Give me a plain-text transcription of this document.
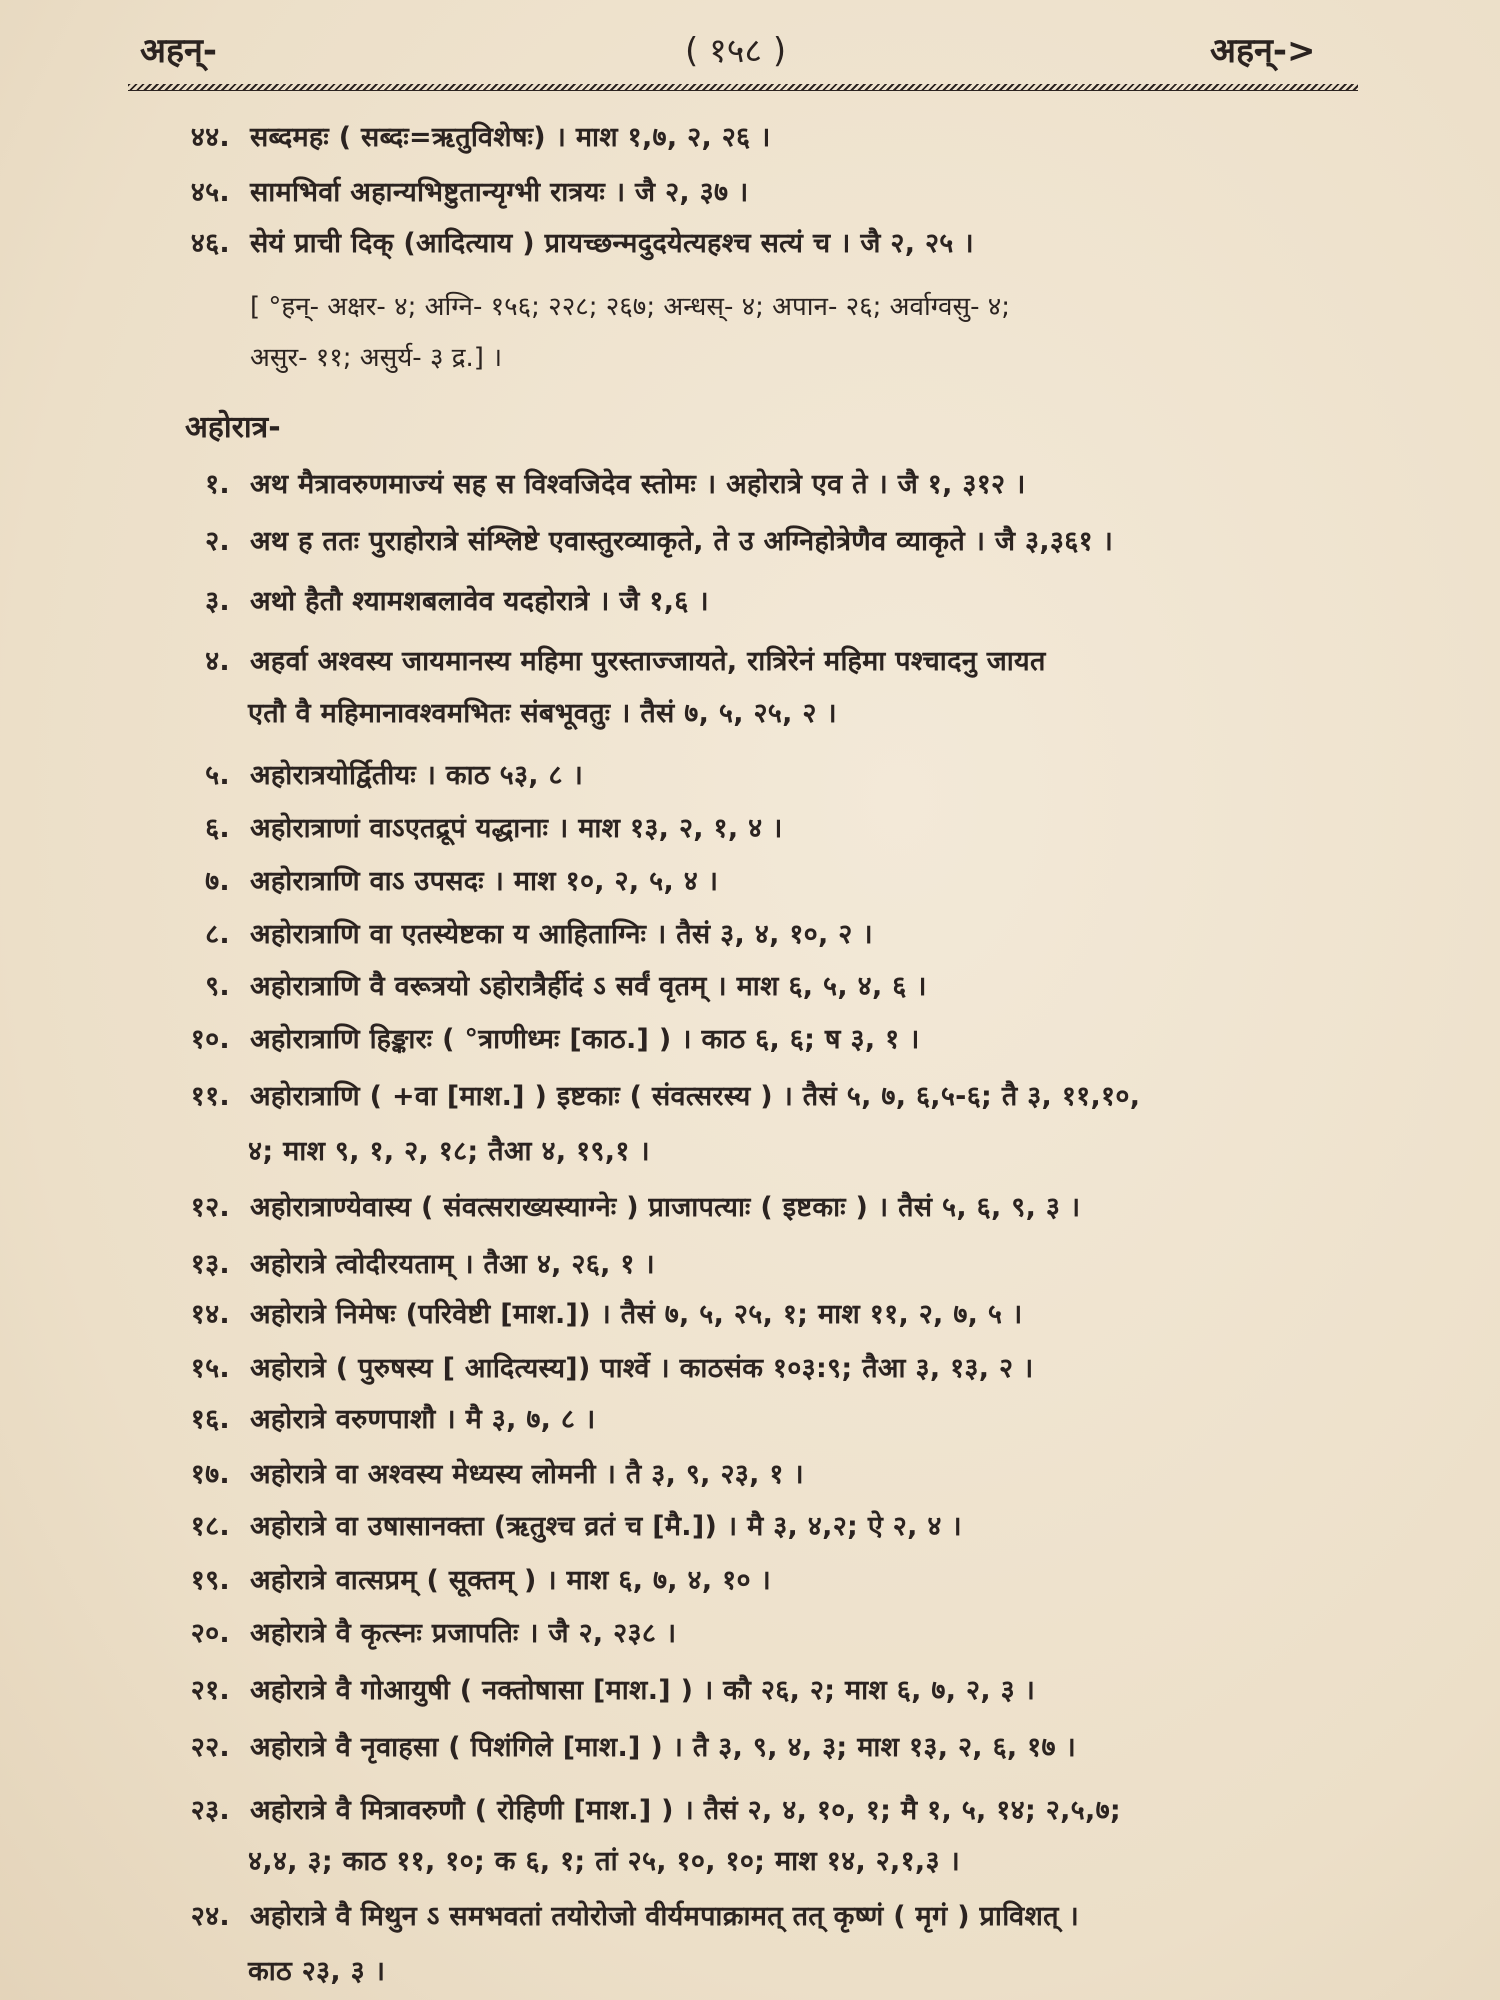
अहन्-	( १५८ )	अहन्->
४४. सब्दमहः ( सब्दः=ऋतुविशेषः) । माश १,७, २, २६ ।
४५. सामभिर्वा अहान्यभिष्टुतान्यृग्भी रात्रयः । जै २, ३७ ।
४६. सेयं प्राची दिक् (आदित्याय ) प्रायच्छन्मदुदयेत्यहश्च सत्यं च । जै २, २५ ।
[ °हन्- अक्षर- ४; अग्नि- १५६; २२८; २६७; अन्धस्- ४; अपान- २६; अर्वाग्वसु- ४;
असुर- ११; असुर्य- ३ द्र.] ।
अहोरात्र-
१. अथ मैत्रावरुणमाज्यं सह स विश्वजिदेव स्तोमः । अहोरात्रे एव ते । जै १, ३१२ ।
२. अथ ह ततः पुराहोरात्रे संश्लिष्टे एवास्तुरव्याकृते, ते उ अग्निहोत्रेणैव व्याकृते । जै ३,३६१ ।
३. अथो हैतौ श्यामशबलावेव यदहोरात्रे । जै १,६ ।
४. अहर्वा अश्वस्य जायमानस्य महिमा पुरस्ताज्जायते, रात्रिरेनं महिमा पश्चादनु जायत
एतौ वै महिमानावश्वमभितः संबभूवतुः । तैसं ७, ५, २५, २ ।
५. अहोरात्रयोर्द्वितीयः । काठ ५३, ८ ।
६. अहोरात्राणां वाऽएतद्रूपं यद्धानाः । माश १३, २, १, ४ ।
७. अहोरात्राणि वाऽ उपसदः । माश १०, २, ५, ४ ।
८. अहोरात्राणि वा एतस्येष्टका य आहिताग्निः । तैसं ३, ४, १०, २ ।
९. अहोरात्राणि वै वरूत्रयो ऽहोरात्रैर्हीदं ऽ सर्वं वृतम् । माश ६, ५, ४, ६ ।
१०. अहोरात्राणि हिङ्कारः ( °त्राणीध्मः [काठ.] ) । काठ ६, ६; ष ३, १ ।
११. अहोरात्राणि ( +वा [माश.] ) इष्टकाः ( संवत्सरस्य ) । तैसं ५, ७, ६,५-६; तै ३, ११,१०,
४; माश ९, १, २, १८; तैआ ४, १९,१ ।
१२. अहोरात्राण्येवास्य ( संवत्सराख्यस्याग्नेः ) प्राजापत्याः ( इष्टकाः ) । तैसं ५, ६, ९, ३ ।
१३. अहोरात्रे त्वोदीरयताम् । तैआ ४, २६, १ ।
१४. अहोरात्रे निमेषः (परिवेष्टी [माश.]) । तैसं ७, ५, २५, १; माश ११, २, ७, ५ ।
१५. अहोरात्रे ( पुरुषस्य [ आदित्यस्य]) पार्श्वे । काठसंक १०३:९; तैआ ३, १३, २ ।
१६. अहोरात्रे वरुणपाशौ । मै ३, ७, ८ ।
१७. अहोरात्रे वा अश्वस्य मेध्यस्य लोमनी । तै ३, ९, २३, १ ।
१८. अहोरात्रे वा उषासानक्ता (ऋतुश्च व्रतं च [मै.]) । मै ३, ४,२; ऐ २, ४ ।
१९. अहोरात्रे वात्सप्रम् ( सूक्तम् ) । माश ६, ७, ४, १० ।
२०. अहोरात्रे वै कृत्स्नः प्रजापतिः । जै २, २३८ ।
२१. अहोरात्रे वै गोआयुषी ( नक्तोषासा [माश.] ) । कौ २६, २; माश ६, ७, २, ३ ।
२२. अहोरात्रे वै नृवाहसा ( पिशंगिले [माश.] ) । तै ३, ९, ४, ३; माश १३, २, ६, १७ ।
२३. अहोरात्रे वै मित्रावरुणौ ( रोहिणी [माश.] ) । तैसं २, ४, १०, १; मै १, ५, १४; २,५,७;
४,४, ३; काठ ११, १०; क ६, १; तां २५, १०, १०; माश १४, २,१,३ ।
२४. अहोरात्रे वै मिथुन ऽ समभवतां तयोरोजो वीर्यमपाक्रामत् तत् कृष्णं ( मृगं ) प्राविशत् ।
काठ २३, ३ ।
